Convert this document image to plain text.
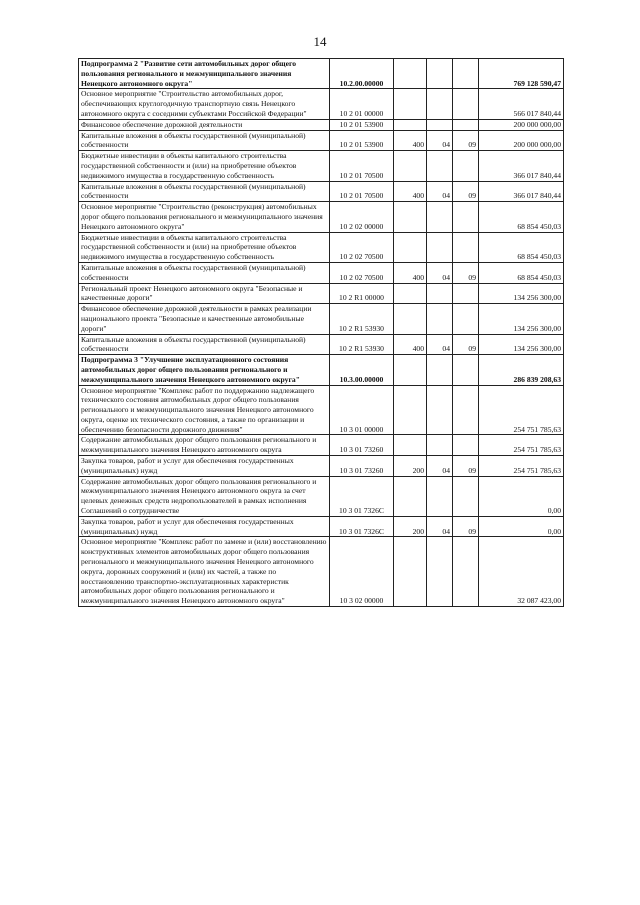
14
Подпрограмма 2 "Развитие сети автомобильных дорог общего пользования регионального и межмуниципального значения Ненецкого автономного округа"	10.2.00.00000				769 128 590,47
Основное мероприятие "Строительство автомобильных дорог, обеспечивающих круглогодичную транспортную связь Ненецкого автономного округа с соседними субъектами Российской Федерации"	10 2 01 00000				566 017 840,44
Финансовое обеспечение дорожной деятельности	10 2 01 53900				200 000 000,00
Капитальные вложения в объекты государственной (муниципальной) собственности	10 2 01 53900	400	04	09	200 000 000,00
Бюджетные инвестиции в объекты капитального строительства государственной собственности и (или) на приобретение объектов недвижимого имущества в государственную собственность	10 2 01 70500				366 017 840,44
Капитальные вложения в объекты государственной (муниципальной) собственности	10 2 01 70500	400	04	09	366 017 840,44
Основное мероприятие "Строительство (реконструкция) автомобильных дорог общего пользования регионального и межмуниципального значения Ненецкого автономного округа"	10 2 02 00000				68 854 450,03
Бюджетные инвестиции в объекты капитального строительства государственной собственности и (или) на приобретение объектов недвижимого имущества в государственную собственность	10 2 02 70500				68 854 450,03
Капитальные вложения в объекты государственной (муниципальной) собственности	10 2 02 70500	400	04	09	68 854 450,03
Региональный проект Ненецкого автономного округа "Безопасные и качественные дороги"	10 2 R1 00000				134 256 300,00
Финансовое обеспечение дорожной деятельности в рамках реализации национального проекта "Безопасные и качественные автомобильные дороги"	10 2 R1 53930				134 256 300,00
Капитальные вложения в объекты государственной (муниципальной) собственности	10 2 R1 53930	400	04	09	134 256 300,00
Подпрограмма 3 "Улучшение эксплуатационного состояния автомобильных дорог общего пользования регионального и межмуниципального значения Ненецкого автономного округа"	10.3.00.00000				286 839 208,63
Основное мероприятие "Комплекс работ по поддержанию надлежащего технического состояния автомобильных дорог общего пользования регионального и межмуниципального значения Ненецкого автономного округа, оценке их технического состояния, а также по организации и обеспечению безопасности дорожного движения"	10 3 01 00000				254 751 785,63
Содержание автомобильных дорог общего пользования регионального и межмуниципального значения Ненецкого автономного округа	10 3 01 73260				254 751 785,63
Закупка товаров, работ и услуг для обеспечения государственных (муниципальных) нужд	10 3 01 73260	200	04	09	254 751 785,63
Содержание автомобильных дорог общего пользования регионального и межмуниципального значения Ненецкого автономного округа за счет целевых денежных средств недропользователей в рамках исполнения Соглашений о сотрудничестве	10 3 01 7326C				0,00
Закупка товаров, работ и услуг для обеспечения государственных (муниципальных) нужд	10 3 01 7326C	200	04	09	0,00
Основное мероприятие "Комплекс работ по замене и (или) восстановлению конструктивных элементов автомобильных дорог общего пользования регионального и межмуниципального значения Ненецкого автономного округа, дорожных сооружений и (или) их частей, а также по восстановлению транспортно-эксплуатационных характеристик автомобильных дорог общего пользования регионального и межмуниципального значения Ненецкого автономного округа"	10 3 02 00000				32 087 423,00
